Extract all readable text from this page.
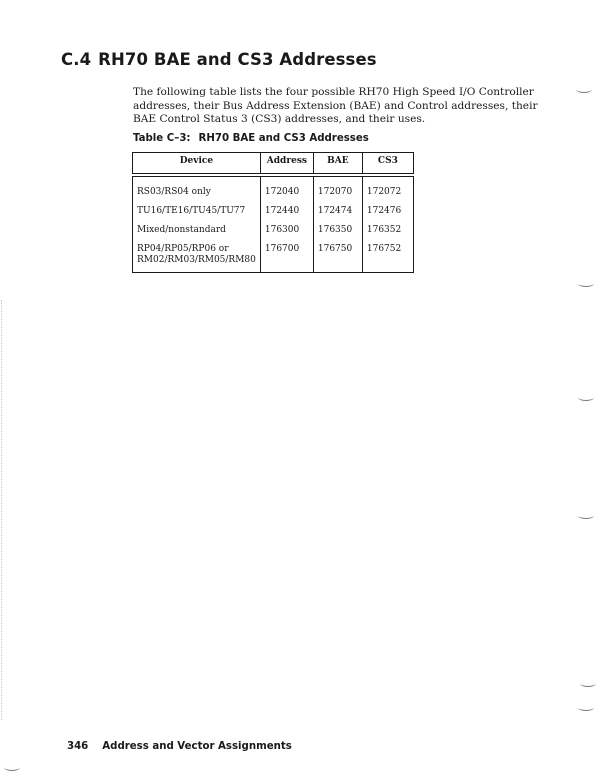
C.4 RH70 BAE and CS3 Addresses

The following table lists the four possible RH70 High Speed I/O Controller addresses, their Bus Address Extension (BAE) and Control addresses, their BAE Control Status 3 (CS3) addresses, and their uses.

Table C–3: RH70 BAE and CS3 Addresses

Device	Address	BAE	CS3
RS03/RS04 only	172040	172070	172072
TU16/TE16/TU45/TU77	172440	172474	172476
Mixed/nonstandard	176300	176350	176352
RP04/RP05/RP06 or RM02/RM03/RM05/RM80	176700	176750	176752

346 Address and Vector Assignments
